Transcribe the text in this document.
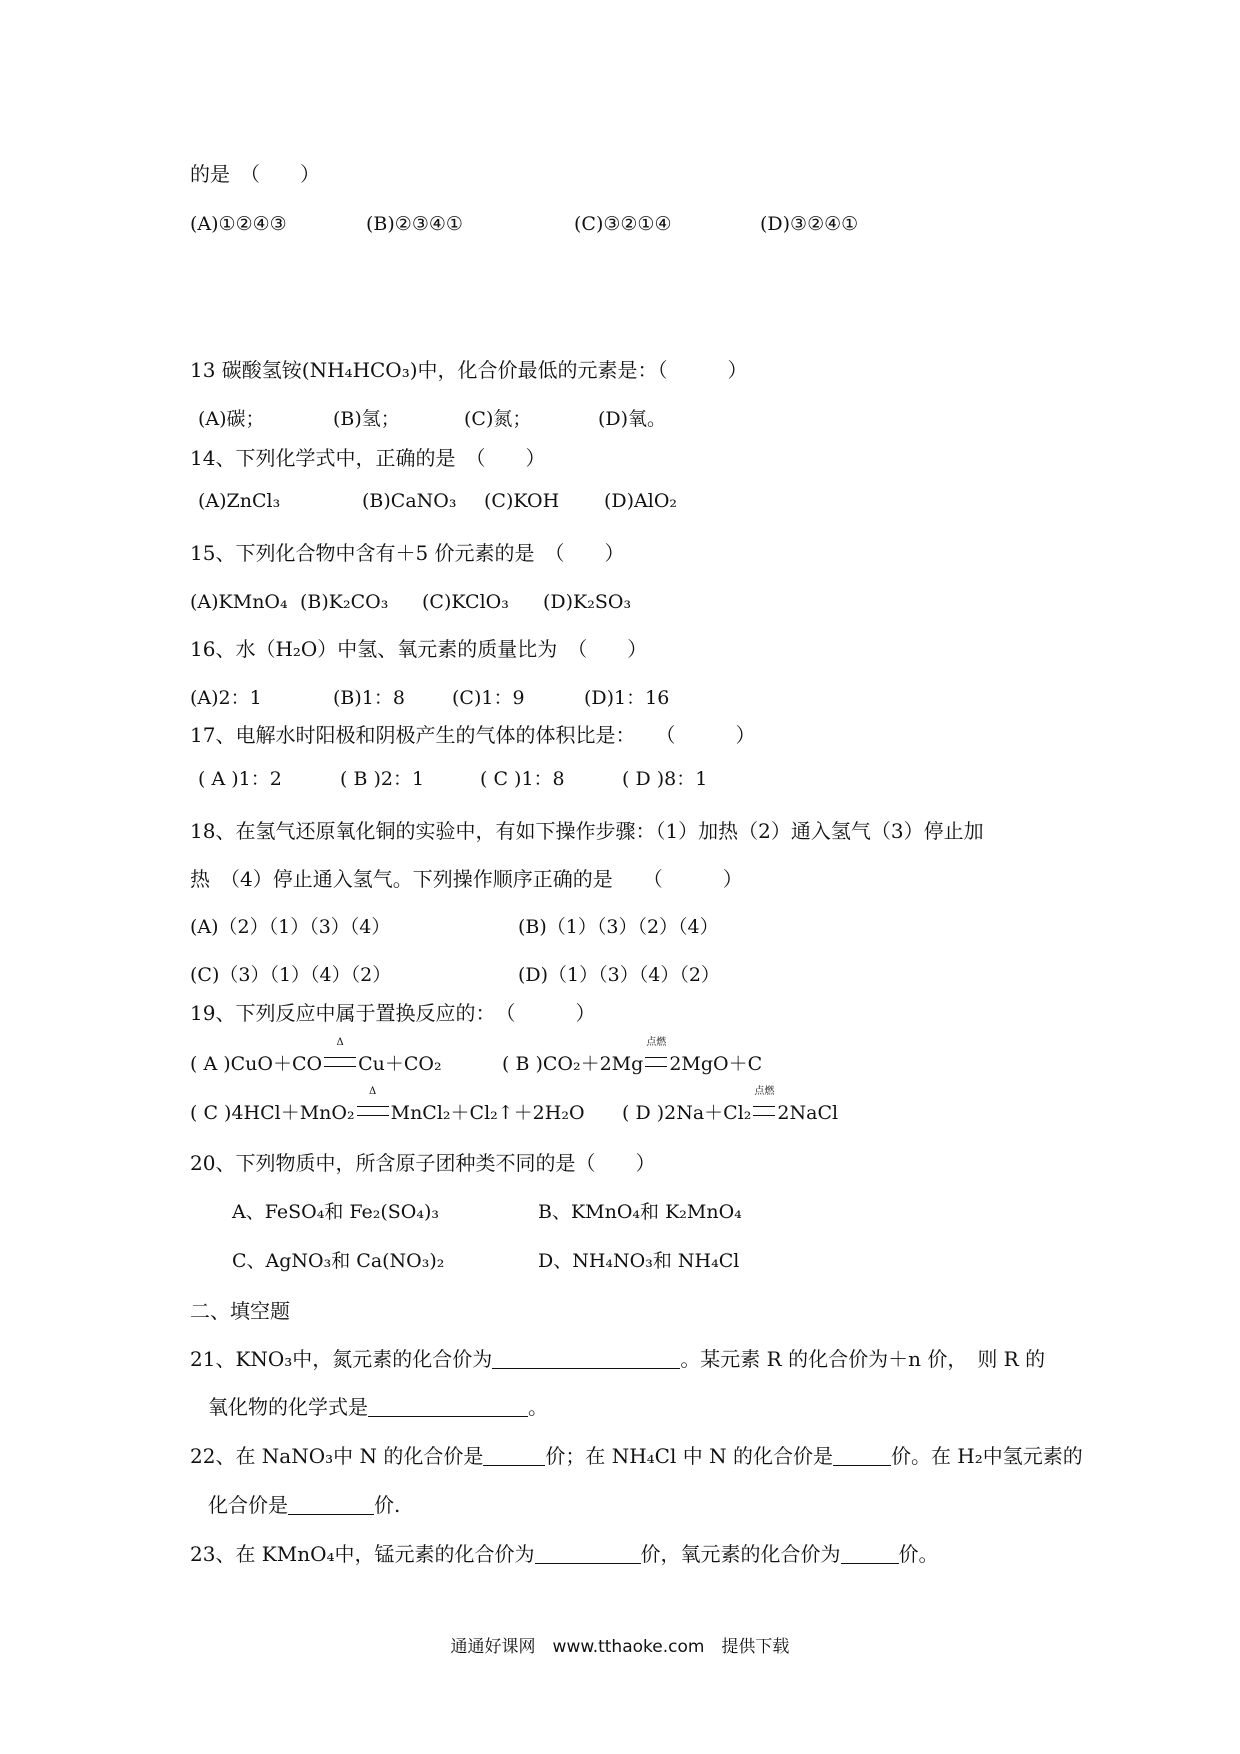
的是　（　　）
(A)①②④③	(B)②③④①	(C)③②①④	(D)③②④①
13 碳酸氢铵(NH₄HCO₃)中，化合价最低的元素是：（　　　）
(A)碳；	(B)氢；	(C)氮；	(D)氧。
14、下列化学式中，正确的是　（　　）
(A)ZnCl₃	(B)CaNO₃ (C)KOH (D)AlO₂
15、下列化合物中含有＋5 价元素的是　（　　）
(A)KMnO₄ (B)K₂CO₃ (C)KClO₃ (D)K₂SO₃
16、水（H₂O）中氢、氧元素的质量比为　（　　）
(A)2：1	(B)1：8 (C)1：9	(D)1：16
17、电解水时阳极和阴极产生的气体的体积比是：　　（　　　）
( A )1：2	( B )2：1	( C )1：8	( D )8：1
18、在氢气还原氧化铜的实验中，有如下操作步骤：（1）加热（2）通入氢气（3）停止加
热　（4）停止通入氢气。下列操作顺序正确的是　　（　　　）
(A)（2）（1）（3）（4）	(B)（1）（3）（2）（4）
(C)（3）（1）（4）（2）	(D)（1）（3）（4）（2）
19、下列反应中属于置换反应的：　（　　　）
( A )CuO＋CO
Δ
Cu＋CO₂	( B )CO₂＋2Mg
点燃
2MgO＋C
( C )4HCl＋MnO₂
Δ
MnCl₂＋Cl₂↑＋2H₂O ( D )2Na＋Cl₂
点燃
2NaCl
20、下列物质中，所含原子团种类不同的是（　　）
A、FeSO₄和 Fe₂(SO₄)₃	B、KMnO₄和 K₂MnO₄
C、AgNO₃和 Ca(NO₃)₂	D、NH₄NO₃和 NH₄Cl
二、填空题
21、KNO₃中，氮元素的化合价为	。某元素 R 的化合价为＋n 价，　则 R 的
氧化物的化学式是	。
22、在 NaNO₃中 N 的化合价是	价；在 NH₄Cl 中 N 的化合价是	价。在 H₂中氢元素的
化合价是	价.
23、在 KMnO₄中，锰元素的化合价为	价，氧元素的化合价为	价。
通通好课网　www.tthaoke.com　提供下载
